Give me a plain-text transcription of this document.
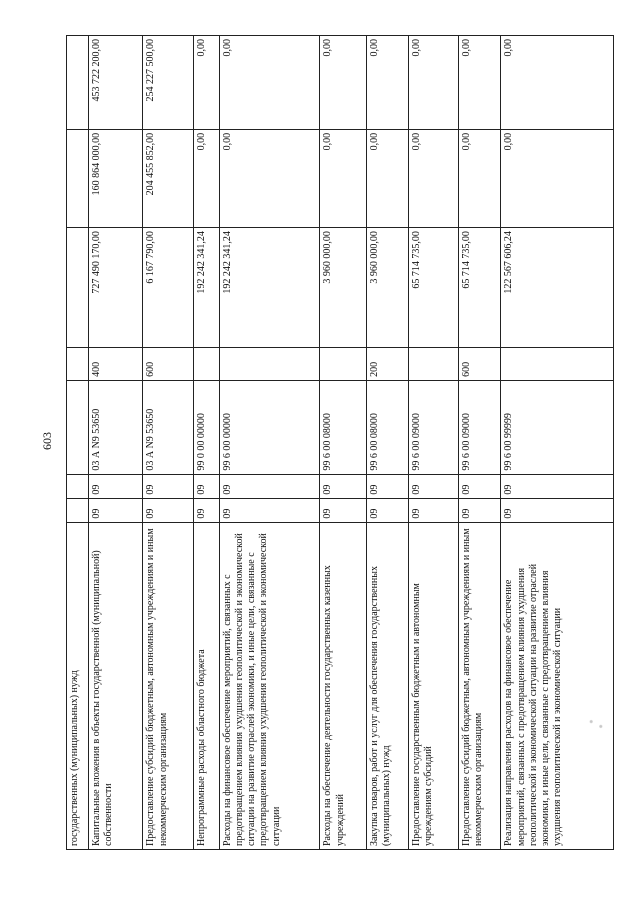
603
государственных (муниципальных) нужд							
Капитальные вложения в объекты государственной (муниципальной) собственности	09	09	03 А N9 53650	400	727 490 170,00	160 864 000,00	453 722 200,00
Предоставление субсидий бюджетным, автономным учреждениям и иным некоммерческим организациям	09	09	03 А N9 53650	600	6 167 790,00	204 455 852,00	254 227 500,00
Непрограммные расходы областного бюджета	09	09	99 0 00 00000		192 242 341,24	0,00	0,00
Расходы на финансовое обеспечение мероприятий, связанных с предотвращением влияния ухудшения геополитической и экономической ситуации на развитие отраслей экономики, и иные цели, связанные с предотвращением влияния ухудшения геополитической и экономической ситуации	09	09	99 6 00 00000		192 242 341,24	0,00	0,00
Расходы на обеспечение деятельности государственных казенных учреждений	09	09	99 6 00 08000		3 960 000,00	0,00	0,00
Закупка товаров, работ и услуг для обеспечения государственных (муниципальных) нужд	09	09	99 6 00 08000	200	3 960 000,00	0,00	0,00
Предоставление государственным бюджетным и автономным учреждениям субсидий	09	09	99 6 00 09000		65 714 735,00	0,00	0,00
Предоставление субсидий бюджетным, автономным учреждениям и иным некоммерческим организациям	09	09	99 6 00 09000	600	65 714 735,00	0,00	0,00
Реализация направления расходов на финансовое обеспечение мероприятий, связанных с предотвращением влияния ухудшения геополитической и экономической ситуации на развитие отраслей экономики, и иные цели, связанные с предотвращением влияния ухудшения геополитической и экономической ситуации	09	09	99 6 00 99999		122 567 606,24	0,00	0,00
